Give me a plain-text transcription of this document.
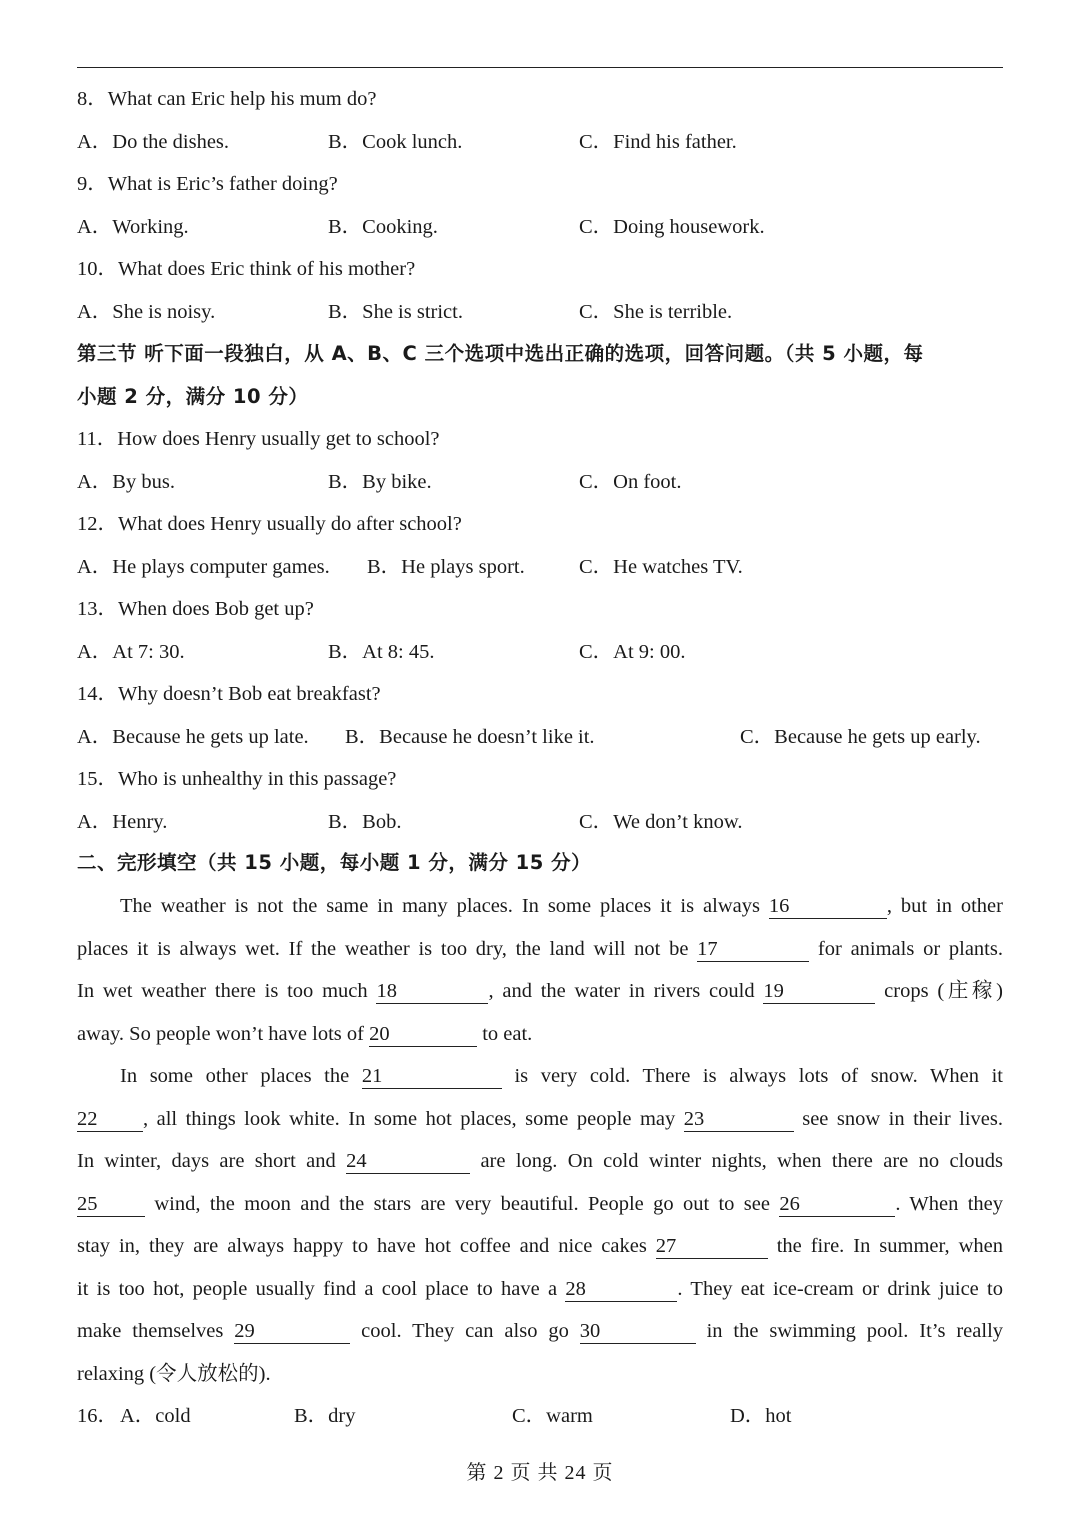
8．What can Eric help his mum do?
A．Do the dishes.	B．Cook lunch.	C．Find his father.
9．What is Eric’s father doing?
A．Working.	B．Cooking.	C．Doing housework.
10．What does Eric think of his mother?
A．She is noisy.	B．She is strict.	C．She is terrible.
第三节 听下面一段独白，从 A、B、C 三个选项中选出正确的选项，回答问题。（共 5 小题，每
小题 2 分，满分 10 分）
11．How does Henry usually get to school?
A．By bus.	B．By bike.	C．On foot.
12．What does Henry usually do after school?
A．He plays computer games. B．He plays sport.	C．He watches TV.
13．When does Bob get up?
A．At 7: 30.	B．At 8: 45.	C．At 9: 00.
14．Why doesn’t Bob eat breakfast?
A．Because he gets up late. B．Because he doesn’t like it.	C．Because he gets up early.
15．Who is unhealthy in this passage?
A．Henry.	B．Bob.	C．We don’t know.
二、完形填空（共 15 小题，每小题 1 分，满分 15 分）
The weather is not the same in many places. In some places it is always 16	, but in other
places it is always wet. If the weather is too dry, the land will not be 17	for animals or plants.
In wet weather there is too much 18	, and the water in rivers could 19	crops (庄稼)
away. So people won’t have lots of 20	to eat.
In some other places the 21	is very cold. There is always lots of snow. When it
22 , all things look white. In some hot places, some people may 23	see snow in their lives.
In winter, days are short and 24	are long. On cold winter nights, when there are no clouds
25 wind, the moon and the stars are very beautiful. People go out to see 26	. When they
stay in, they are always happy to have hot coffee and nice cakes 27	the fire. In summer, when
it is too hot, people usually find a cool place to have a 28	. They eat ice-cream or drink juice to
make themselves 29	cool. They can also go 30	in the swimming pool. It’s really
relaxing (令人放松的).
16． A．cold	B．dry	C．warm	D．hot
第 2 页 共 24 页
